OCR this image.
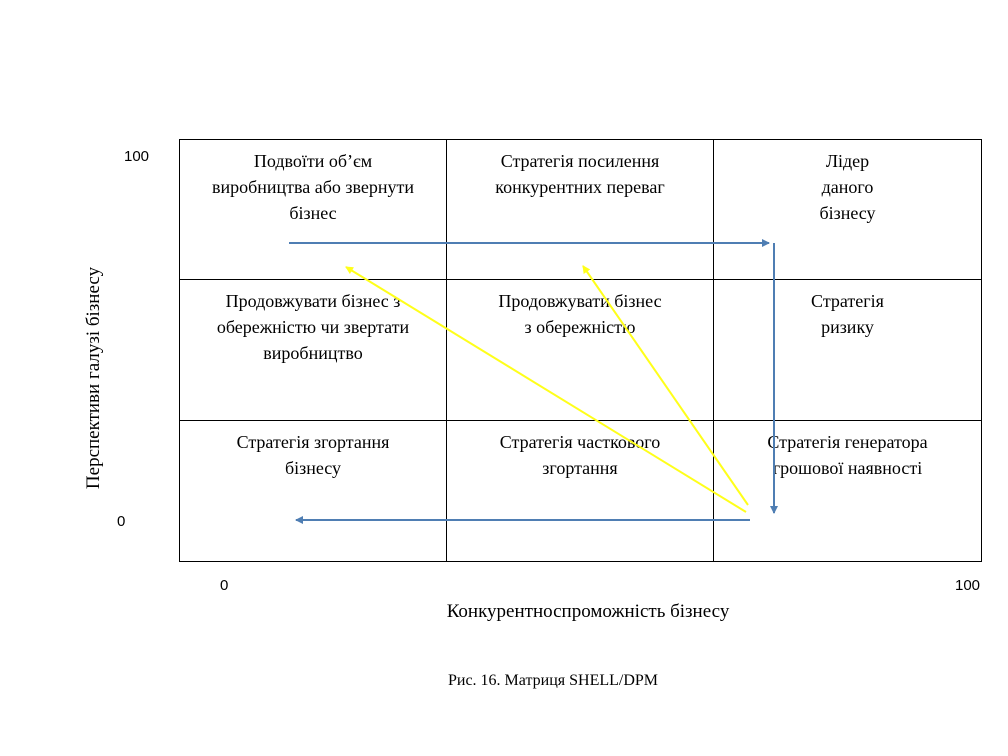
Подвоїти об’єм
виробництва або звернути
бізнес
Стратегія посилення
конкурентних переваг
Лідер
даного
бізнесу
Продовжувати бізнес з
обережністю чи звертати
виробництво
Продовжувати бізнес
з обережністю
Стратегія
ризику
Стратегія згортання
бізнесу
Стратегія часткового
згортання
Стратегія генератора
грошової наявності
100
0
0	100
Перспективи галузі бізнесу
Конкурентноспроможність бізнесу
Рис. 16. Матриця SHELL/DPM
